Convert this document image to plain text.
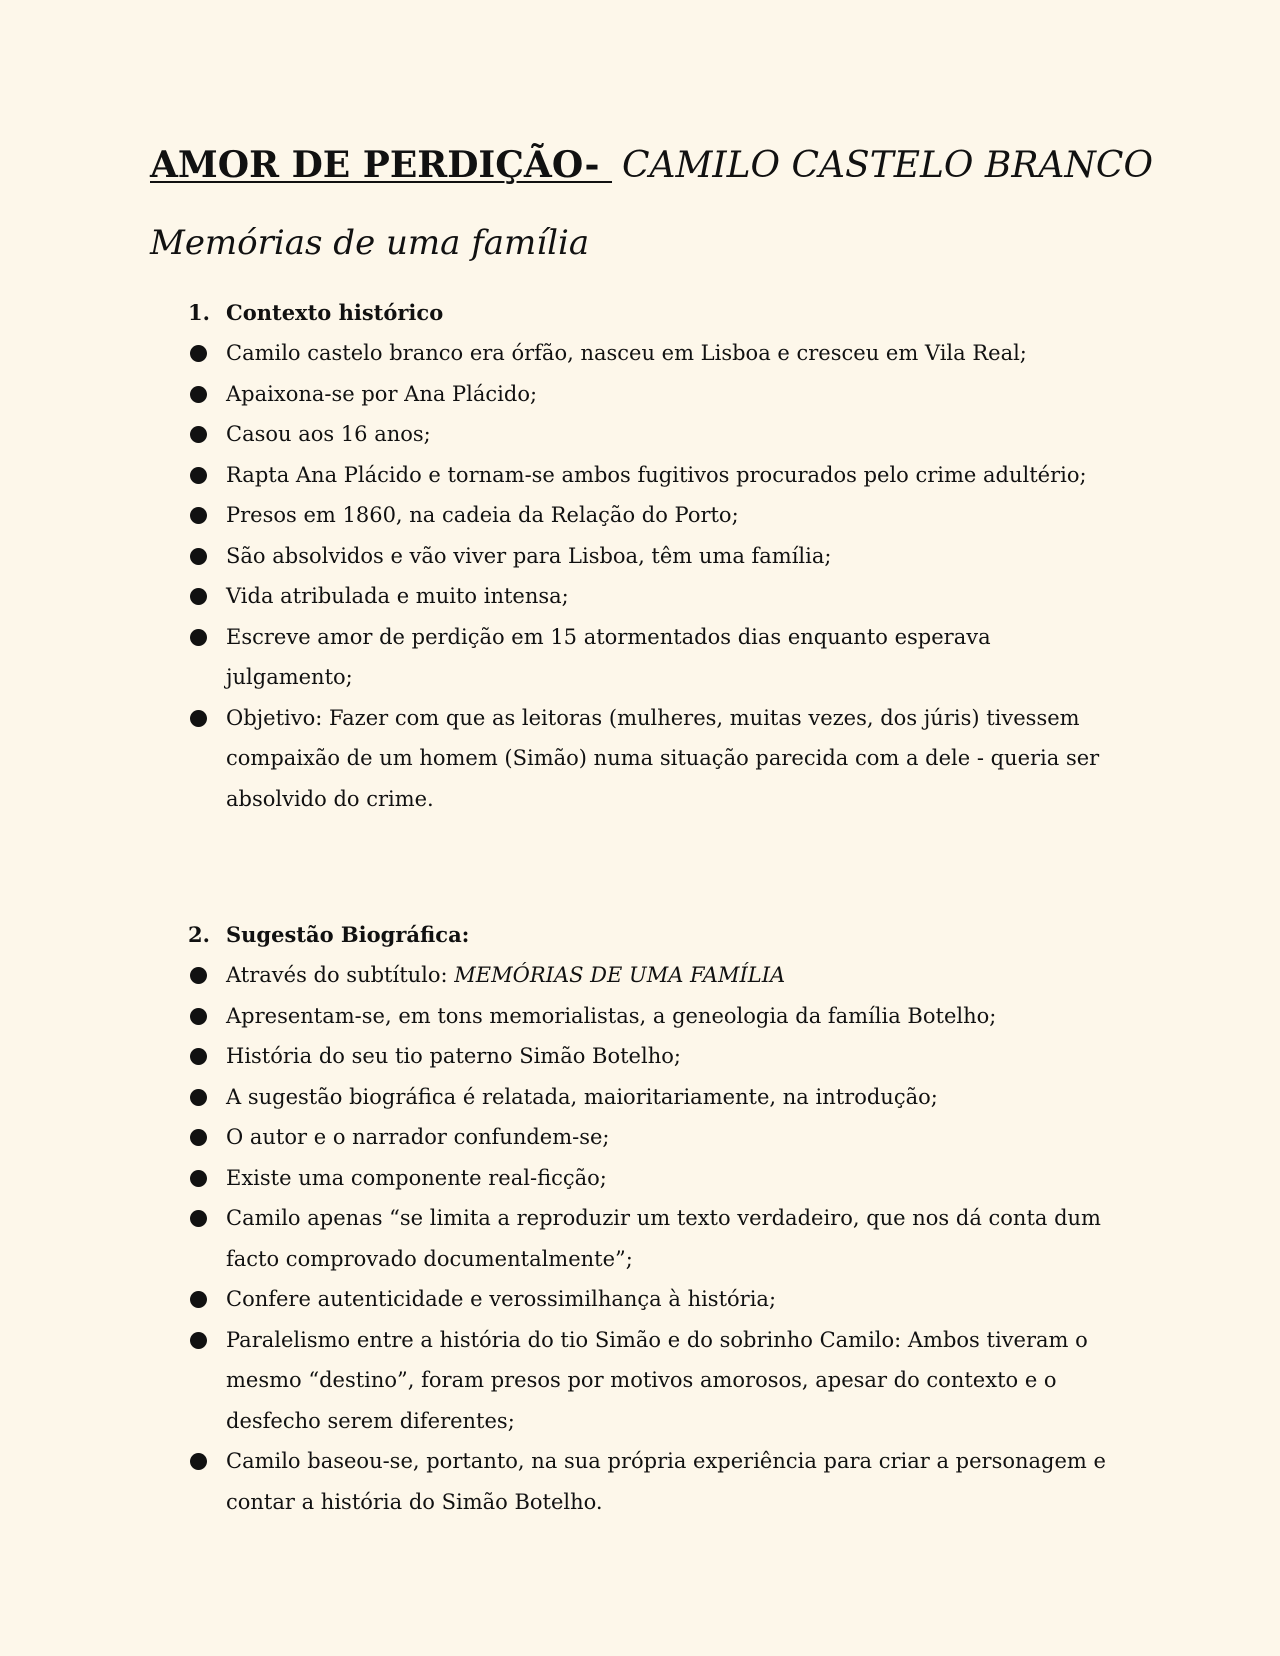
AMOR DE PERDIÇÃO- CAMILO CASTELO BRANCO
Memórias de uma família
1. Contexto histórico
Camilo castelo branco era órfão, nasceu em Lisboa e cresceu em Vila Real;
Apaixona-se por Ana Plácido;
Casou aos 16 anos;
Rapta Ana Plácido e tornam-se ambos fugitivos procurados pelo crime adultério;
Presos em 1860, na cadeia da Relação do Porto;
São absolvidos e vão viver para Lisboa, têm uma família;
Vida atribulada e muito intensa;
Escreve amor de perdição em 15 atormentados dias enquanto esperava julgamento;
Objetivo: Fazer com que as leitoras (mulheres, muitas vezes, dos júris) tivessem compaixão de um homem (Simão) numa situação parecida com a dele - queria ser absolvido do crime.
2. Sugestão Biográfica:
Através do subtítulo: MEMÓRIAS DE UMA FAMÍLIA
Apresentam-se, em tons memorialistas, a geneologia da família Botelho;
História do seu tio paterno Simão Botelho;
A sugestão biográfica é relatada, maioritariamente, na introdução;
O autor e o narrador confundem-se;
Existe uma componente real-ficção;
Camilo apenas “se limita a reproduzir um texto verdadeiro, que nos dá conta dum facto comprovado documentalmente”;
Confere autenticidade e verossimilhança à história;
Paralelismo entre a história do tio Simão e do sobrinho Camilo: Ambos tiveram o mesmo “destino”, foram presos por motivos amorosos, apesar do contexto e o desfecho serem diferentes;
Camilo baseou-se, portanto, na sua própria experiência para criar a personagem e contar a história do Simão Botelho.
